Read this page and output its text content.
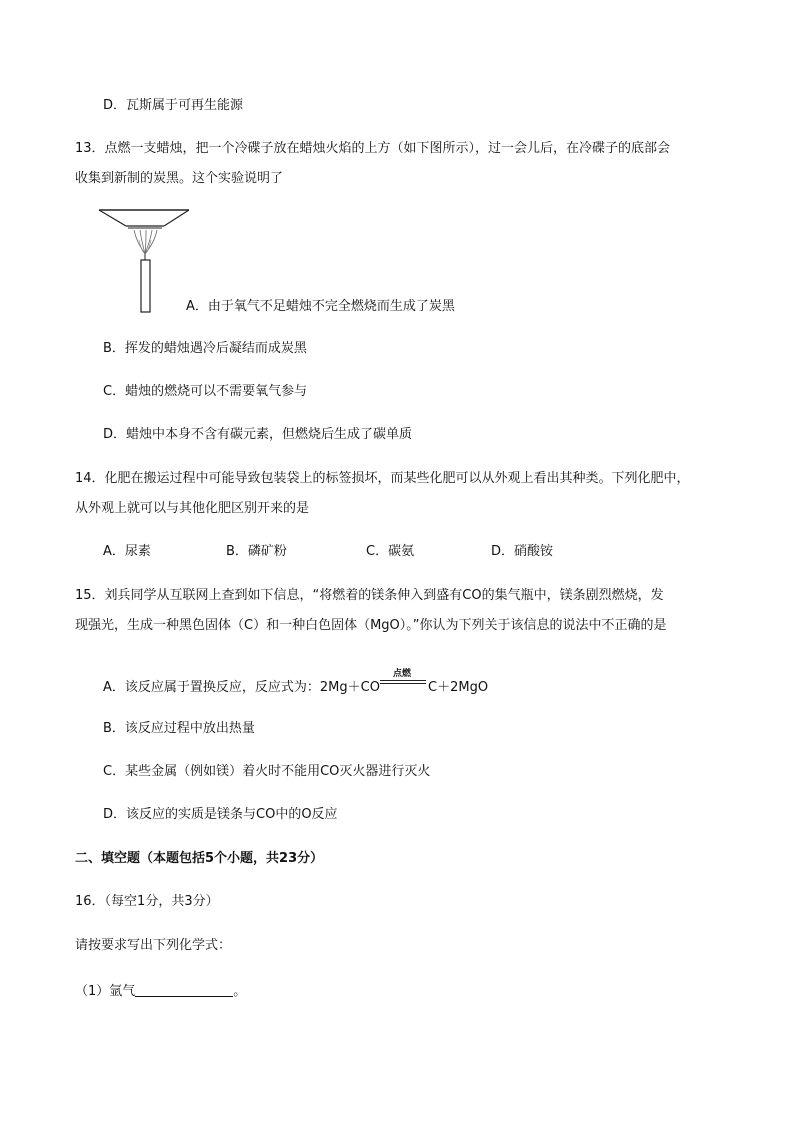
D．瓦斯属于可再生能源
13．点燃一支蜡烛，把一个冷碟子放在蜡烛火焰的上方（如下图所示），过一会儿后，在冷碟子的底部会
收集到新制的炭黑。这个实验说明了
A．由于氧气不足蜡烛不完全燃烧而生成了炭黑
B．挥发的蜡烛遇冷后凝结而成炭黑
C．蜡烛的燃烧可以不需要氧气参与
D．蜡烛中本身不含有碳元素，但燃烧后生成了碳单质
14．化肥在搬运过程中可能导致包装袋上的标签损坏，而某些化肥可以从外观上看出其种类。下列化肥中，
从外观上就可以与其他化肥区别开来的是
A．尿素	B．磷矿粉	C．碳氨	D．硝酸铵
15．刘兵同学从互联网上查到如下信息，“将燃着的镁条伸入到盛有CO的集气瓶中，镁条剧烈燃烧，发
现强光，生成一种黑色固体（C）和一种白色固体（MgO）。”你认为下列关于该信息的说法中不正确的是
A．该反应属于置换反应，反应式为：2Mg＋CO
点燃
C＋2MgO
B．该反应过程中放出热量
C．某些金属（例如镁）着火时不能用CO灭火器进行灭火
D．该反应的实质是镁条与CO中的O反应
二、填空题（本题包括5个小题，共23分）
16．（每空1分，共3分）
请按要求写出下列化学式：
（1）氩气	。
